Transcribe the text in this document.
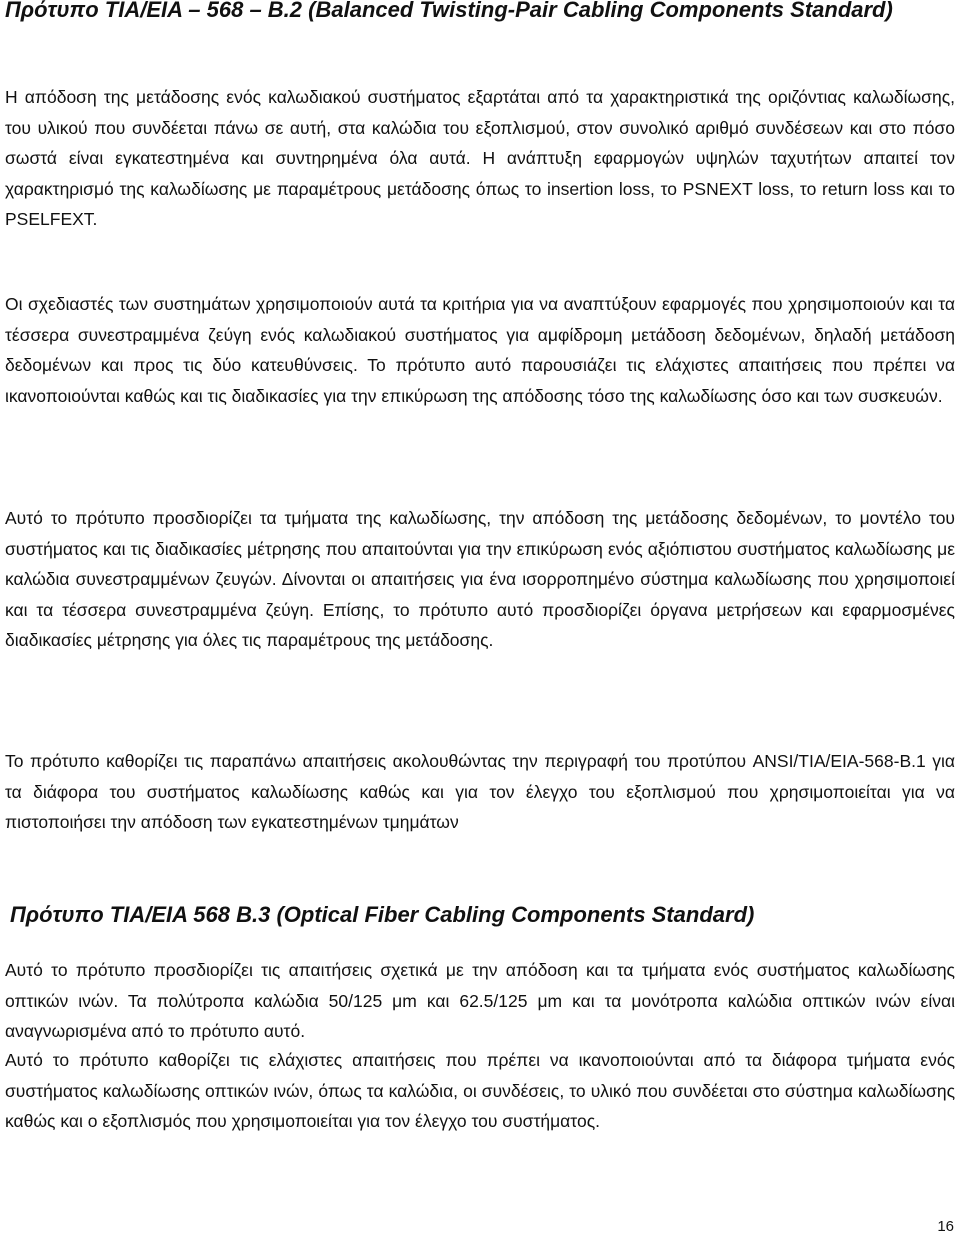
Πρότυπο TIA/EIA – 568 – B.2 (Balanced Twisting-Pair Cabling Components Standard)

Η απόδοση της μετάδοσης ενός καλωδιακού συστήματος εξαρτάται από τα χαρακτηριστικά της οριζόντιας καλωδίωσης, του υλικού που συνδέεται πάνω σε αυτή, στα καλώδια του εξοπλισμού, στον συνολικό αριθμό συνδέσεων και στο πόσο σωστά είναι εγκατεστημένα και συντηρημένα όλα αυτά. Η ανάπτυξη εφαρμογών υψηλών ταχυτήτων απαιτεί τον χαρακτηρισμό της καλωδίωσης με παραμέτρους μετάδοσης όπως το insertion loss, το PSNEXT loss, το return loss και το PSELFEXT.

Οι σχεδιαστές των συστημάτων χρησιμοποιούν αυτά τα κριτήρια για να αναπτύξουν εφαρμογές που χρησιμοποιούν και τα τέσσερα συνεστραμμένα ζεύγη ενός καλωδιακού συστήματος για αμφίδρομη μετάδοση δεδομένων, δηλαδή μετάδοση δεδομένων και προς τις δύο κατευθύνσεις. Το πρότυπο αυτό παρουσιάζει τις ελάχιστες απαιτήσεις που πρέπει να ικανοποιούνται καθώς και τις διαδικασίες για την επικύρωση της απόδοσης τόσο της καλωδίωσης όσο και των συσκευών.

Αυτό το πρότυπο προσδιορίζει τα τμήματα της καλωδίωσης, την απόδοση της μετάδοσης δεδομένων, το μοντέλο του συστήματος και τις διαδικασίες μέτρησης που απαιτούνται για την επικύρωση ενός αξιόπιστου συστήματος καλωδίωσης με καλώδια συνεστραμμένων ζευγών. Δίνονται οι απαιτήσεις για ένα ισορροπημένο σύστημα καλωδίωσης που χρησιμοποιεί και τα τέσσερα συνεστραμμένα ζεύγη. Επίσης, το πρότυπο αυτό προσδιορίζει όργανα μετρήσεων και εφαρμοσμένες διαδικασίες μέτρησης για όλες τις παραμέτρους της μετάδοσης.

Το πρότυπο καθορίζει τις παραπάνω απαιτήσεις ακολουθώντας την περιγραφή του προτύπου ANSI/TIA/EIA-568-B.1 για τα διάφορα του συστήματος καλωδίωσης καθώς και για τον έλεγχο του εξοπλισμού που χρησιμοποιείται για να πιστοποιήσει την απόδοση των εγκατεστημένων τμημάτων

Πρότυπο TIA/EIA 568 B.3 (Optical Fiber Cabling Components Standard)

Αυτό το πρότυπο προσδιορίζει τις απαιτήσεις σχετικά με την απόδοση και τα τμήματα ενός συστήματος καλωδίωσης οπτικών ινών. Τα πολύτροπα καλώδια 50/125 μm και 62.5/125 μm και τα μονότροπα καλώδια οπτικών ινών είναι αναγνωρισμένα από το πρότυπο αυτό.

Αυτό το πρότυπο καθορίζει τις ελάχιστες απαιτήσεις που πρέπει να ικανοποιούνται από τα διάφορα τμήματα ενός συστήματος καλωδίωσης οπτικών ινών, όπως τα καλώδια, οι συνδέσεις, το υλικό που συνδέεται στο σύστημα καλωδίωσης καθώς και ο εξοπλισμός που χρησιμοποιείται για τον έλεγχο του συστήματος.

16
